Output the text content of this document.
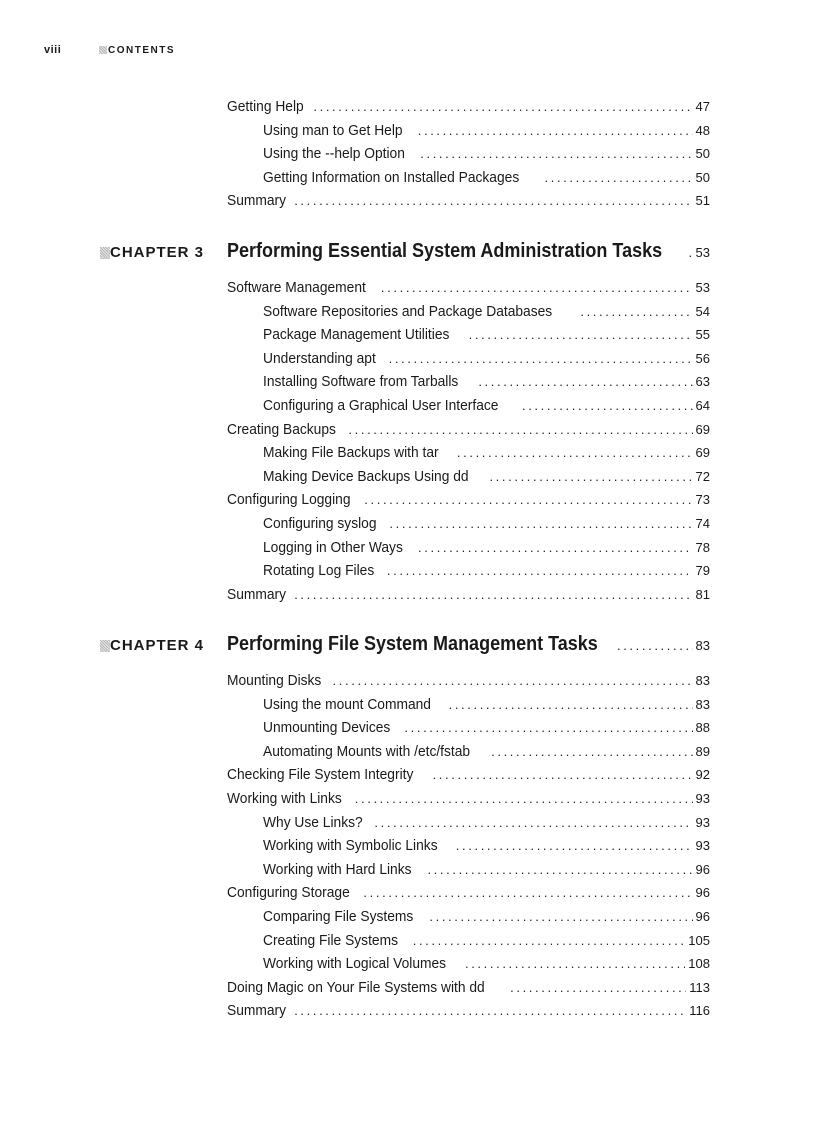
viii	CONTENTS
Getting Help . . .	47
Using man to Get Help . . .	48
Using the --help Option . . .	50
Getting Information on Installed Packages . . .	50
Summary . . .	51
CHAPTER 3 Performing Essential System Administration Tasks . . .	53
Software Management . . .	53
Software Repositories and Package Databases . . .	54
Package Management Utilities . . .	55
Understanding apt . . .	56
Installing Software from Tarballs . . .	63
Configuring a Graphical User Interface . . .	64
Creating Backups . . .	69
Making File Backups with tar . . .	69
Making Device Backups Using dd . . .	72
Configuring Logging . . .	73
Configuring syslog . . .	74
Logging in Other Ways . . .	78
Rotating Log Files . . .	79
Summary . . .	81
CHAPTER 4 Performing File System Management Tasks . . .	83
Mounting Disks . . .	83
Using the mount Command . . .	83
Unmounting Devices . . .	88
Automating Mounts with /etc/fstab . . .	89
Checking File System Integrity . . .	92
Working with Links . . .	93
Why Use Links? . . .	93
Working with Symbolic Links . . .	93
Working with Hard Links . . .	96
Configuring Storage . . .	96
Comparing File Systems . . .	96
Creating File Systems . . .	105
Working with Logical Volumes . . .	108
Doing Magic on Your File Systems with dd . . .	113
Summary . . .	116
